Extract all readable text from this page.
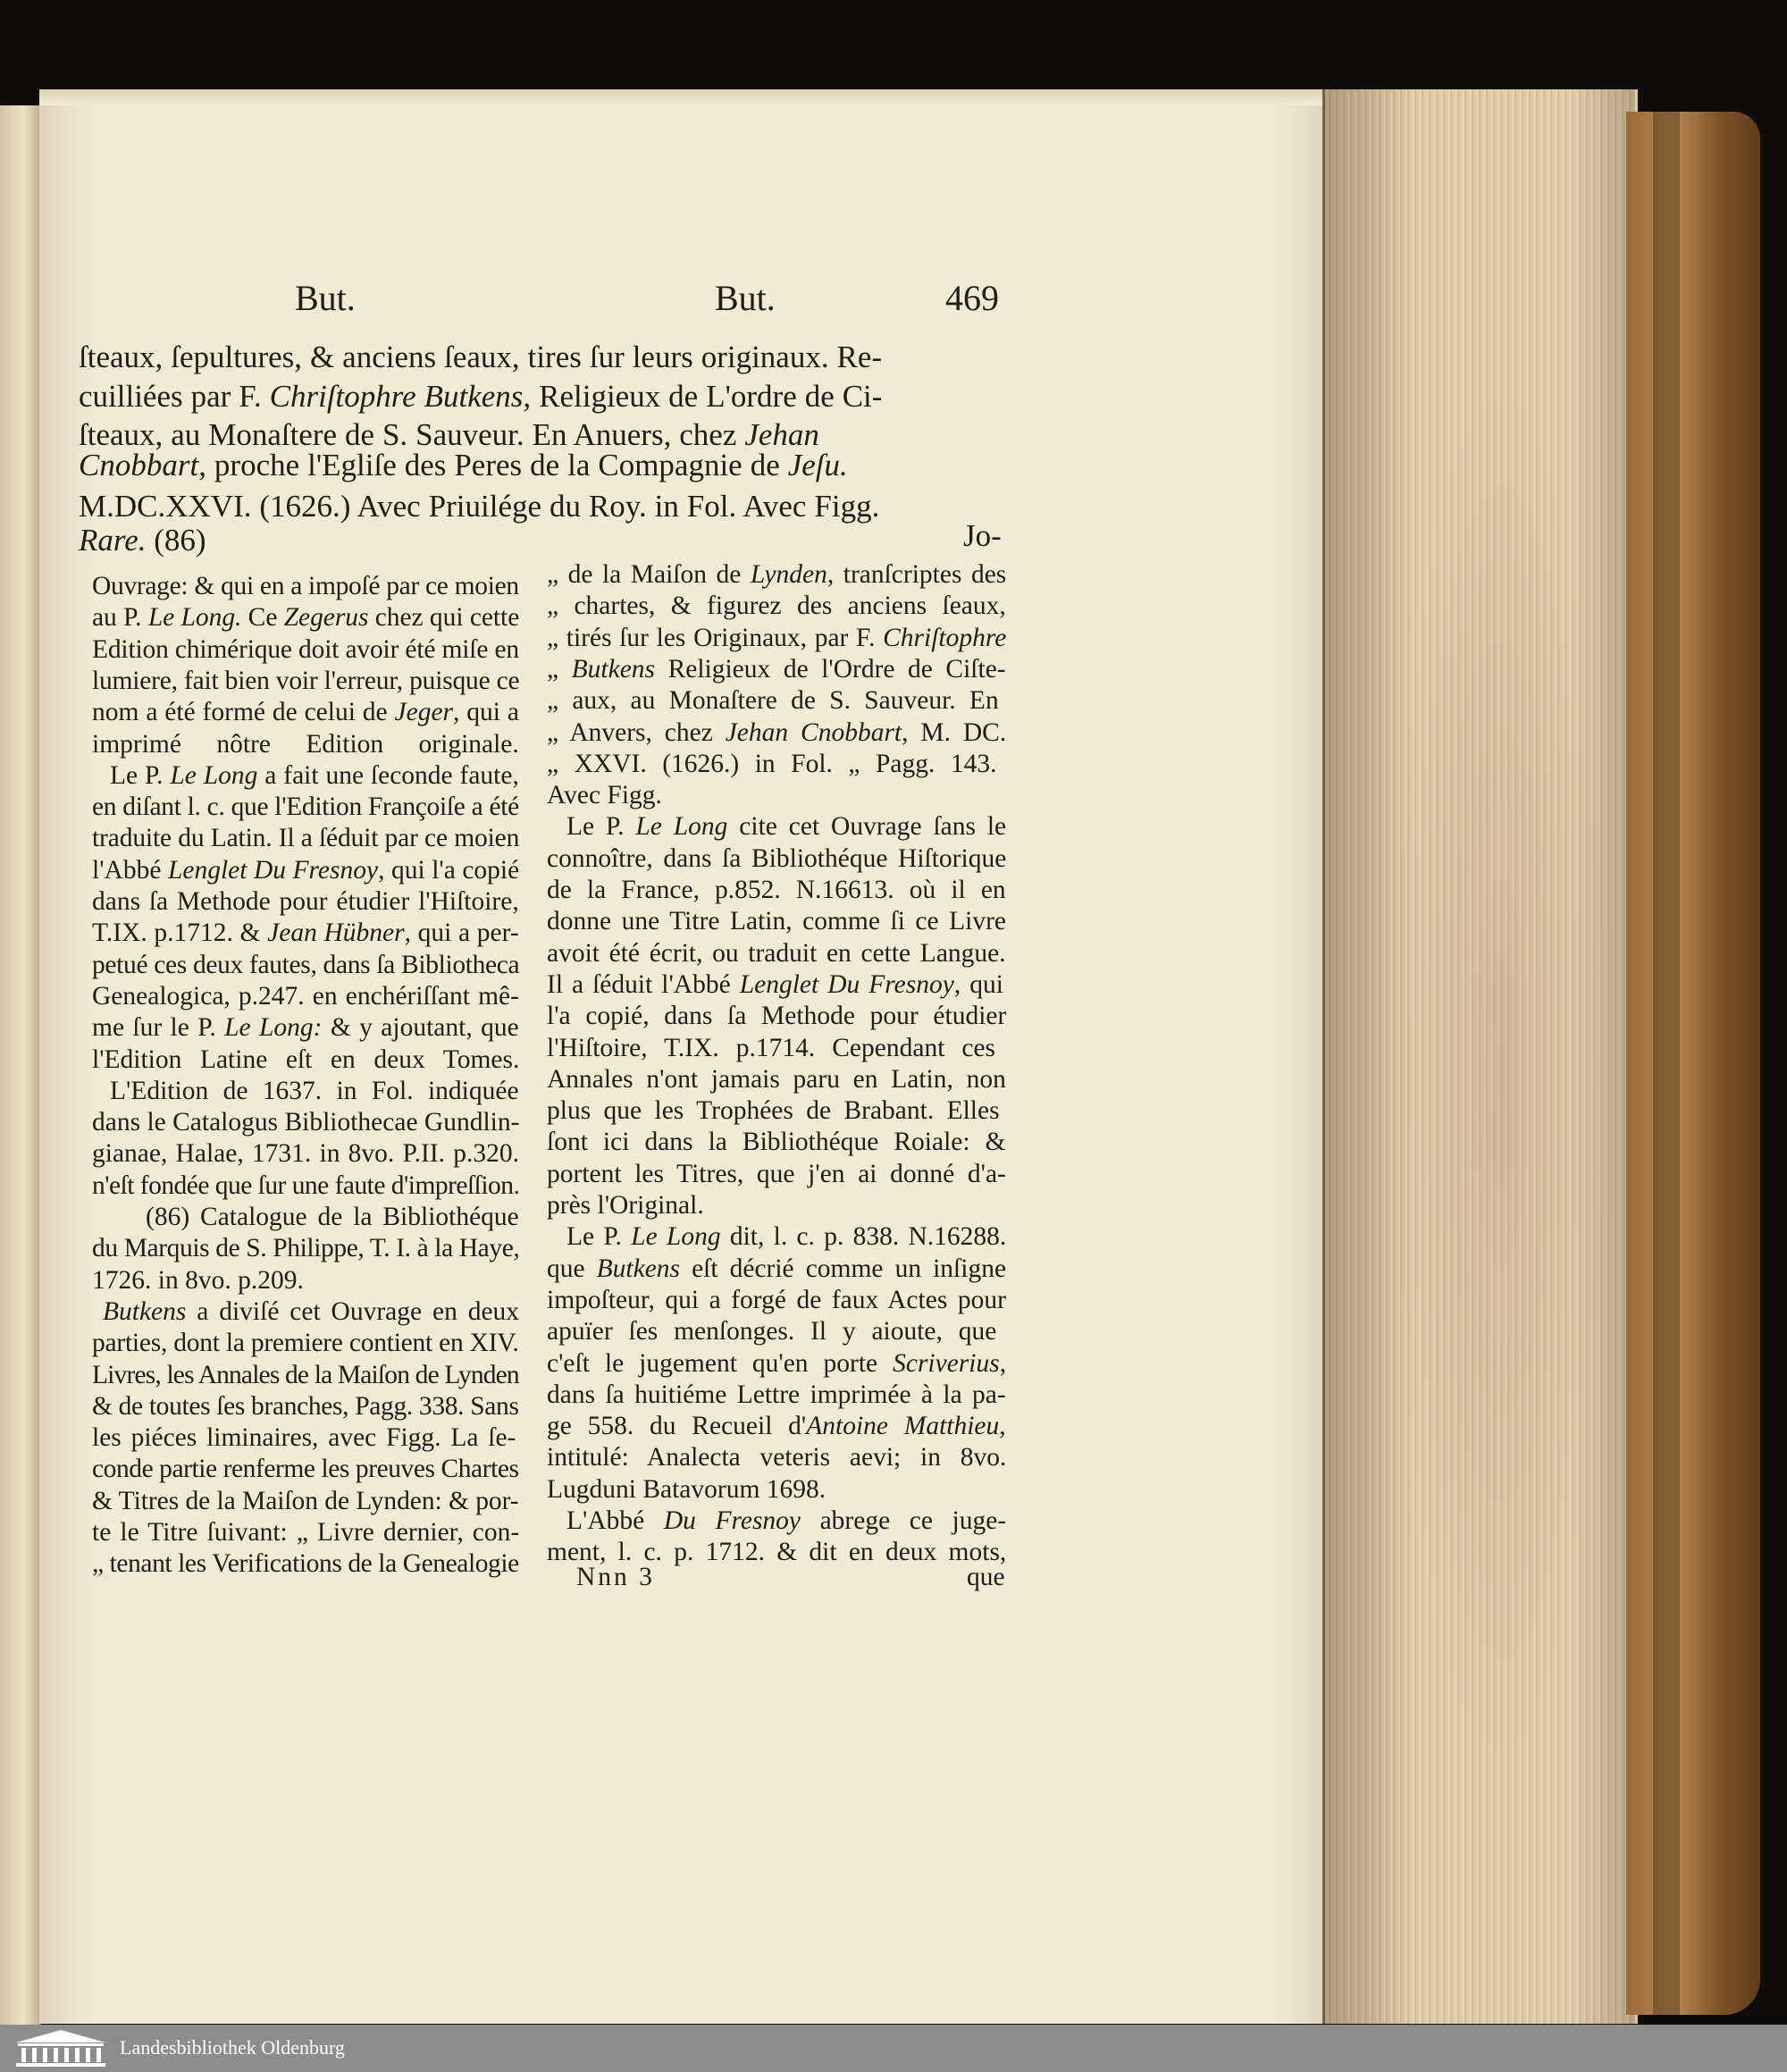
But.	But.	469
ſteaux, ſepultures, & anciens ſeaux, tires ſur leurs originaux. Re-
cuilliées par F. Chriſtophre Butkens, Religieux de L'ordre de Ci-
ſteaux, au Monaſtere de S. Sauveur. En Anuers, chez Jehan
Cnobbart, proche l'Egliſe des Peres de la Compagnie de Jeſu.
M.DC.XXVI. (1626.) Avec Priuilége du Roy. in Fol. Avec Figg.
Rare. (86)	Jo-
Ouvrage: & qui en a impoſé par ce moien
au P. Le Long. Ce Zegerus chez qui cette
Edition chimérique doit avoir été miſe en
lumiere, fait bien voir l'erreur, puisque ce
nom a été formé de celui de Jeger, qui a
imprimé nôtre Edition originale.
Le P. Le Long a fait une ſeconde faute,
en diſant l. c. que l'Edition Françoiſe a été
traduite du Latin. Il a ſéduit par ce moien
l'Abbé Lenglet Du Fresnoy, qui l'a copié
dans ſa Methode pour étudier l'Hiſtoire,
T.IX. p.1712. & Jean Hübner, qui a per-
petué ces deux fautes, dans ſa Bibliotheca
Genealogica, p.247. en enchériſſant mê-
me ſur le P. Le Long: & y ajoutant, que
l'Edition Latine eſt en deux Tomes.
L'Edition de 1637. in Fol. indiquée
dans le Catalogus Bibliothecae Gundlin-
gianae, Halae, 1731. in 8vo. P.II. p.320.
n'eſt fondée que ſur une faute d'impreſſion.
(86) Catalogue de la Bibliothéque
du Marquis de S. Philippe, T. I. à la Haye,
1726. in 8vo. p.209.
Butkens a diviſé cet Ouvrage en deux
parties, dont la premiere contient en XIV.
Livres, les Annales de la Maiſon de Lynden
& de toutes ſes branches, Pagg. 338. Sans
les piéces liminaires, avec Figg. La ſe-
conde partie renferme les preuves Chartes
& Titres de la Maiſon de Lynden: & por-
te le Titre ſuivant: „ Livre dernier, con-
„ tenant les Verifications de la Genealogie
„ de la Maiſon de Lynden, tranſcriptes des
„ chartes, & figurez des anciens ſeaux,
„ tirés ſur les Originaux, par F. Chriſtophre
„ Butkens Religieux de l'Ordre de Ciſte-
„ aux, au Monaſtere de S. Sauveur. En
„ Anvers, chez Jehan Cnobbart, M. DC.
„ XXVI. (1626.) in Fol. „ Pagg. 143.
Avec Figg.
Le P. Le Long cite cet Ouvrage ſans le
connoître, dans ſa Bibliothéque Hiſtorique
de la France, p.852. N.16613. où il en
donne une Titre Latin, comme ſi ce Livre
avoit été écrit, ou traduit en cette Langue.
Il a ſéduit l'Abbé Lenglet Du Fresnoy, qui
l'a copié, dans ſa Methode pour étudier
l'Hiſtoire, T.IX. p.1714. Cependant ces
Annales n'ont jamais paru en Latin, non
plus que les Trophées de Brabant. Elles
ſont ici dans la Bibliothéque Roiale: &
portent les Titres, que j'en ai donné d'a-
près l'Original.
Le P. Le Long dit, l. c. p. 838. N.16288.
que Butkens eſt décrié comme un inſigne
impoſteur, qui a forgé de faux Actes pour
apuïer ſes menſonges. Il y aioute, que
c'eſt le jugement qu'en porte Scriverius,
dans ſa huitiéme Lettre imprimée à la pa-
ge 558. du Recueil d'Antoine Matthieu,
intitulé: Analecta veteris aevi; in 8vo.
Lugduni Batavorum 1698.
L'Abbé Du Fresnoy abrege ce juge-
ment, l. c. p. 1712. & dit en deux mots,
Nnn 3	que
Landesbibliothek Oldenburg
